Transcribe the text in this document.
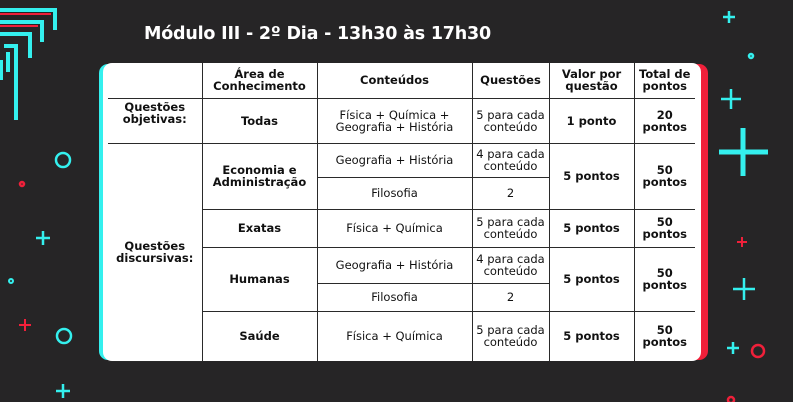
Módulo III - 2º Dia - 13h30 às 17h30
	Área de Conhecimento	Conteúdos	Questões	Valor por questão	Total de pontos
Questões objetivas:	Todas	Física + Química + Geografia + História	5 para cada conteúdo	1 ponto	20 pontos
Questões discursivas:	Economia e Administração	Geografia + História	4 para cada conteúdo	5 pontos	50 pontos
		Filosofia	2		
	Exatas	Física + Química	5 para cada conteúdo	5 pontos	50 pontos
	Humanas	Geografia + História	4 para cada conteúdo	5 pontos	50 pontos
		Filosofia	2		
	Saúde	Física + Química	5 para cada conteúdo	5 pontos	50 pontos
